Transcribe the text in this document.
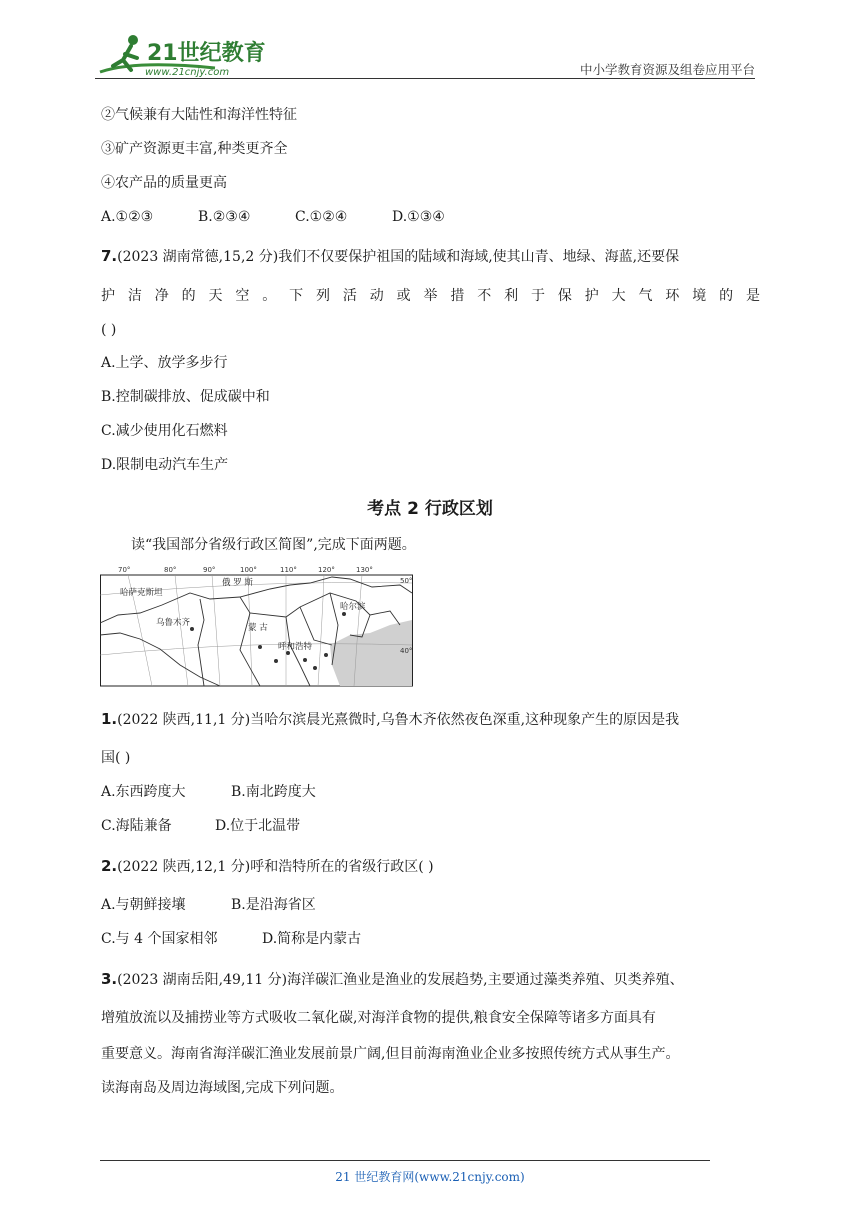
21世纪教育
www.21cnjy.com	中小学教育资源及组卷应用平台
②气候兼有大陆性和海洋性特征
③矿产资源更丰富,种类更齐全
④农产品的质量更高
A.①②③	B.②③④	C.①②④	D.①③④
7.(2023 湖南常德,15,2 分)我们不仅要保护祖国的陆域和海域,使其山青、地绿、海蓝,还要保
护 洁 净 的 天 空 。 下 列 活 动 或 举 措 不 利 于 保 护 大 气 环 境 的 是
( )
A.上学、放学多步行
B.控制碳排放、促成碳中和
C.减少使用化石燃料
D.限制电动汽车生产
考点 2 行政区划
读“我国部分省级行政区简图”,完成下面两题。
70°	80°	90°	100°	110°	120°	130°
50°
40°
哈萨克斯坦
俄 罗 斯
蒙 古
乌鲁木齐
哈尔滨
呼和浩特
1.(2022 陕西,11,1 分)当哈尔滨晨光熹微时,乌鲁木齐依然夜色深重,这种现象产生的原因是我
国( )
A.东西跨度大	B.南北跨度大
C.海陆兼备	D.位于北温带
2.(2022 陕西,12,1 分)呼和浩特所在的省级行政区( )
A.与朝鲜接壤	B.是沿海省区
C.与 4 个国家相邻	D.简称是内蒙古
3.(2023 湖南岳阳,49,11 分)海洋碳汇渔业是渔业的发展趋势,主要通过藻类养殖、贝类养殖、
增殖放流以及捕捞业等方式吸收二氧化碳,对海洋食物的提供,粮食安全保障等诸多方面具有
重要意义。海南省海洋碳汇渔业发展前景广阔,但目前海南渔业企业多按照传统方式从事生产。
读海南岛及周边海域图,完成下列问题。
21 世纪教育网(www.21cnjy.com)
